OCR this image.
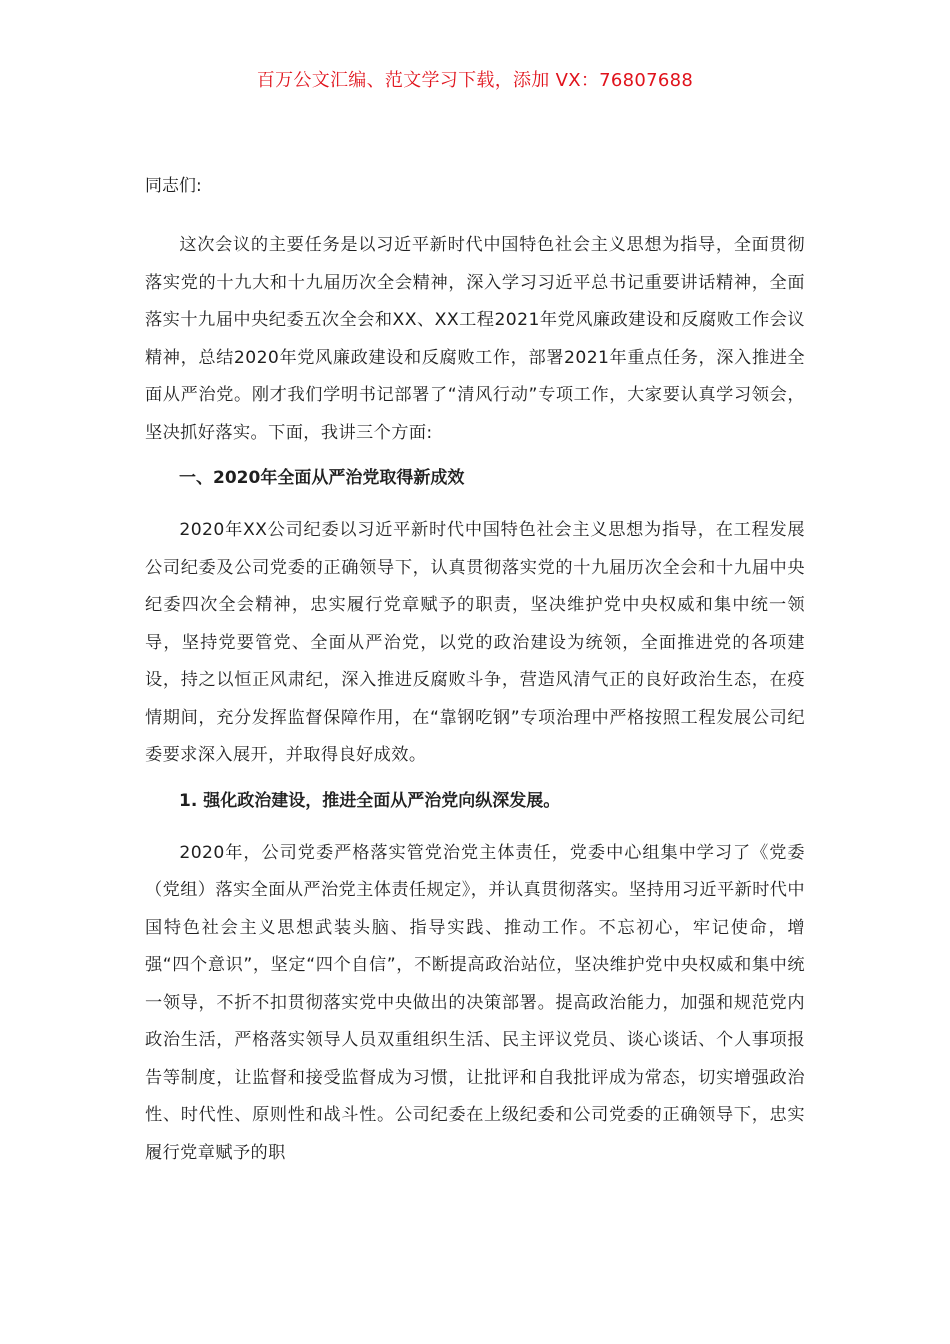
百万公文汇编、范文学习下载，添加 VX：76807688

同志们:

这次会议的主要任务是以习近平新时代中国特色社会主义思想为指导，全面贯彻落实党的十九大和十九届历次全会精神，深入学习习近平总书记重要讲话精神，全面落实十九届中央纪委五次全会和XX、XX工程2021年党风廉政建设和反腐败工作会议精神，总结2020年党风廉政建设和反腐败工作，部署2021年重点任务，深入推进全面从严治党。刚才我们学明书记部署了“清风行动”专项工作，大家要认真学习领会，坚决抓好落实。下面，我讲三个方面:

一、2020年全面从严治党取得新成效

2020年XX公司纪委以习近平新时代中国特色社会主义思想为指导，在工程发展公司纪委及公司党委的正确领导下，认真贯彻落实党的十九届历次全会和十九届中央纪委四次全会精神，忠实履行党章赋予的职责，坚决维护党中央权威和集中统一领导，坚持党要管党、全面从严治党，以党的政治建设为统领，全面推进党的各项建设，持之以恒正风肃纪，深入推进反腐败斗争，营造风清气正的良好政治生态，在疫情期间，充分发挥监督保障作用，在“靠钢吃钢”专项治理中严格按照工程发展公司纪委要求深入展开，并取得良好成效。

1. 强化政治建设，推进全面从严治党向纵深发展。

2020年，公司党委严格落实管党治党主体责任，党委中心组集中学习了《党委（党组）落实全面从严治党主体责任规定》，并认真贯彻落实。坚持用习近平新时代中国特色社会主义思想武装头脑、指导实践、推动工作。不忘初心，牢记使命，增强“四个意识”，坚定“四个自信”，不断提高政治站位，坚决维护党中央权威和集中统一领导，不折不扣贯彻落实党中央做出的决策部署。提高政治能力，加强和规范党内政治生活，严格落实领导人员双重组织生活、民主评议党员、谈心谈话、个人事项报告等制度，让监督和接受监督成为习惯，让批评和自我批评成为常态，切实增强政治性、时代性、原则性和战斗性。公司纪委在上级纪委和公司党委的正确领导下，忠实履行党章赋予的职
